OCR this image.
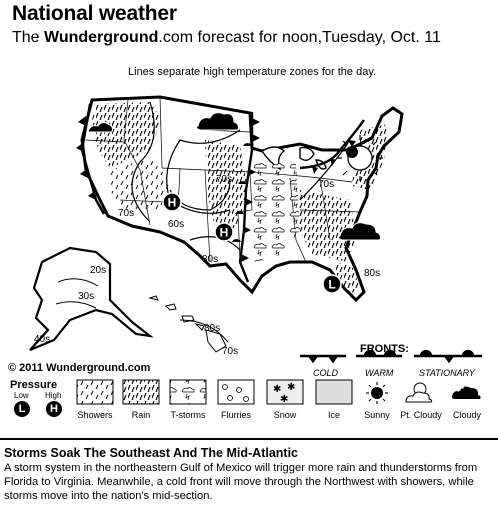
National weather
The Wunderground.com forecast for noon,Tuesday, Oct. 11
Lines separate high temperature zones for the day.
70s	70s
60s
80s
70s
80s
20s
30s
40s
80s
70s
H
H
L
© 2011 Wunderground.com
FRONTS:
COLD	WARM	STATIONARY
Pressure
Low High
L	H
✱ ✱
✱
Showers	Rain	T-storms	Flurries	Snow	Ice	Sunny	Pt. Cloudy	Cloudy
Storms Soak The Southeast And The Mid-Atlantic
A storm system in the northeastern Gulf of Mexico will trigger more rain and thunderstorms from Florida to Virginia. Meanwhile, a cold front will move through the Northwest with showers, while storms move into the nation's mid-section.
